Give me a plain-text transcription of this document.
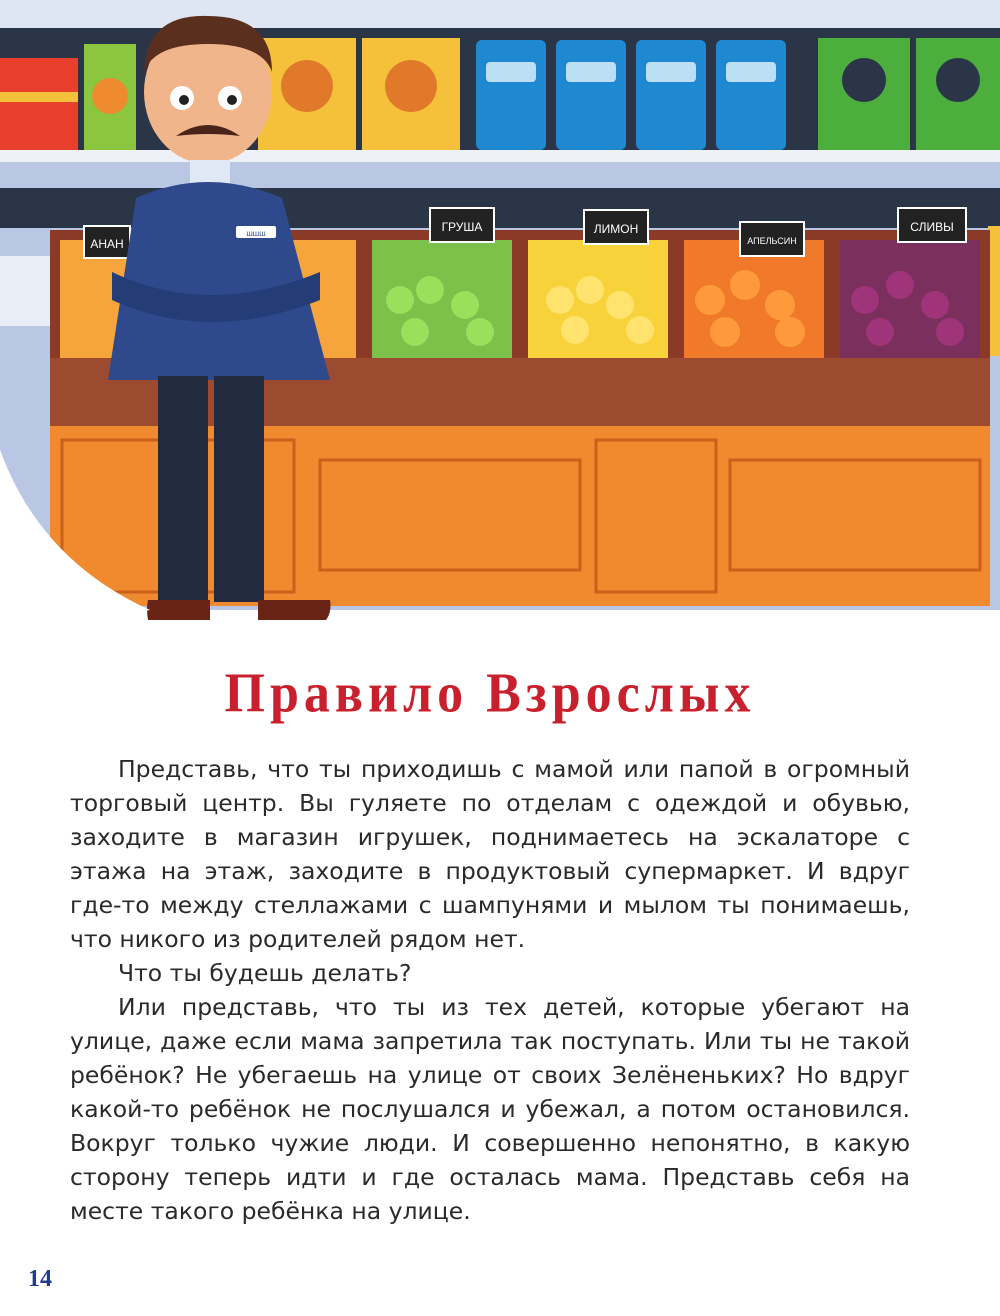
АНАН
ГРУША	ЛИМОН
АПЕЛЬСИН
СЛИВЫ
шшш
Правило Взрослых

Представь, что ты приходишь с мамой или папой в огромный торговый центр. Вы гуляете по отделам с одеждой и обувью, заходите в магазин игрушек, поднимаетесь на эскалаторе с этажа на этаж, заходите в продуктовый супермаркет. И вдруг где-то между стеллажами с шампунями и мылом ты понимаешь, что никого из родителей рядом нет.

Что ты будешь делать?

Или представь, что ты из тех детей, которые убегают на улице, даже если мама запретила так поступать. Или ты не такой ребёнок? Не убегаешь на улице от своих Зелёненьких? Но вдруг какой-то ребёнок не послушался и убежал, а потом остановился. Вокруг только чужие люди. И совершенно непонятно, в какую сторону теперь идти и где осталась мама. Представь себя на месте такого ребёнка на улице.

14
